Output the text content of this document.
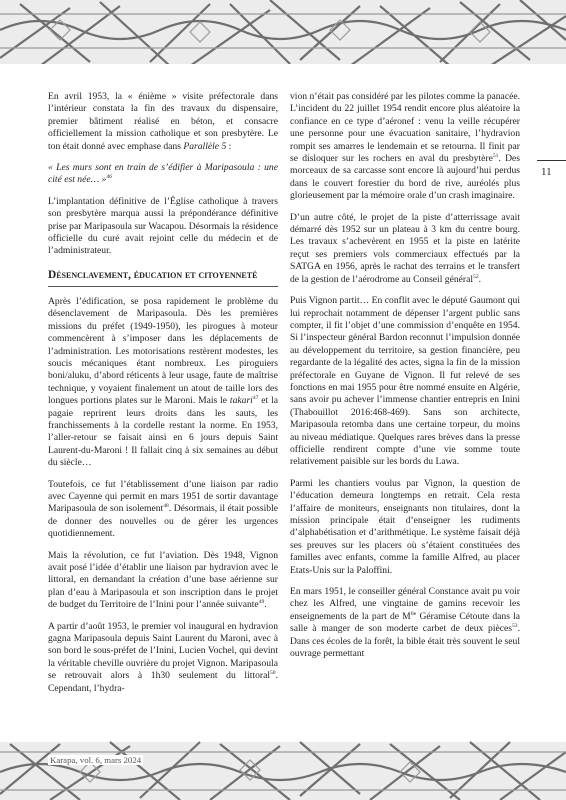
11

En avril 1953, la « énième » visite préfectorale dans l’intérieur constata la fin des travaux du dispensaire, premier bâtiment réalisé en béton, et consacre officiellement la mission catholique et son presbytère. Le ton était donné avec emphase dans Parallèle 5 :

« Les murs sont en train de s’édifier à Maripasoula : une cité est née… »$^{46}$

L’implantation définitive de l’Église catholique à travers son presbytère marqua aussi la prépondérance définitive prise par Maripasoula sur Wacapou. Désormais la résidence officielle du curé avait rejoint celle du médecin et de l’administrateur.

Désenclavement, éducation et citoyenneté

Après l’édification, se posa rapidement le problème du désenclavement de Maripasoula. Dès les premières missions du préfet (1949-1950), les pirogues à moteur commencèrent à s’imposer dans les déplacements de l’administration. Les motorisations restèrent modestes, les soucis mécaniques étant nombreux. Les piroguiers boni/aluku, d’abord réticents à leur usage, faute de maîtrise technique, y voyaient finalement un atout de taille lors des longues portions plates sur le Maroni. Mais le takari$^{47}$ et la pagaie reprirent leurs droits dans les sauts, les franchissements à la cordelle restant la norme. En 1953, l’aller-retour se faisait ainsi en 6 jours depuis Saint Laurent-du-Maroni ! Il fallait cinq à six semaines au début du siècle…

Toutefois, ce fut l’établissement d’une liaison par radio avec Cayenne qui permit en mars 1951 de sortir davantage Maripasoula de son isolement$^{48}$. Désormais, il était possible de donner des nouvelles ou de gérer les urgences quotidiennement.

Mais la révolution, ce fut l’aviation. Dès 1948, Vignon avait posé l’idée d’établir une liaison par hydravion avec le littoral, en demandant la création d’une base aérienne sur plan d’eau à Maripasoula et son inscription dans le projet de budget du Territoire de l’Inini pour l’année suivante$^{49}$.

A partir d’août 1953, le premier vol inaugural en hydravion gagna Maripasoula depuis Saint Laurent du Maroni, avec à son bord le sous-préfet de l’Inini, Lucien Vochel, qui devint la véritable cheville ouvrière du projet Vignon. Maripasoula se retrouvait alors à 1h30 seulement du littoral$^{50}$. Cependant, l’hydra-

vion n’était pas considéré par les pilotes comme la panacée. L’incident du 22 juillet 1954 rendit encore plus aléatoire la confiance en ce type d’aéronef : venu la veille récupérer une personne pour une évacuation sanitaire, l’hydravion rompit ses amarres le lendemain et se retourna. Il finit par se disloquer sur les rochers en aval du presbytère$^{51}$. Des morceaux de sa carcasse sont encore là aujourd’hui perdus dans le couvert forestier du bord de rive, auréolés plus glorieusement par la mémoire orale d’un crash imaginaire.

D’un autre côté, le projet de la piste d’atterrissage avait démarré dès 1952 sur un plateau à 3 km du centre bourg. Les travaux s’achevèrent en 1955 et la piste en latérite reçut ses premiers vols commerciaux effectués par la SATGA en 1956, après le rachat des terrains et le transfert de la gestion de l’aérodrome au Conseil général$^{52}$.

Puis Vignon partit… En conflit avec le député Gaumont qui lui reprochait notamment de dépenser l’argent public sans compter, il fit l’objet d’une commission d’enquête en 1954. Si l’inspecteur général Bardon reconnut l’impulsion donnée au développement du territoire, sa gestion financière, peu regardante de la légalité des actes, signa la fin de la mission préfectorale en Guyane de Vignon. Il fut relevé de ses fonctions en mai 1955 pour être nommé ensuite en Algérie, sans avoir pu achever l’immense chantier entrepris en Inini (Thabouillot 2016:468-469). Sans son architecte, Maripasoula retomba dans une certaine torpeur, du moins au niveau médiatique. Quelques rares brèves dans la presse officielle rendirent compte d’une vie somme toute relativement paisible sur les bords du Lawa.

Parmi les chantiers voulus par Vignon, la question de l’éducation demeura longtemps en retrait. Cela resta l’affaire de moniteurs, enseignants non titulaires, dont la mission principale était d’enseigner les rudiments d’alphabétisation et d’arithmétique. Le système faisait déjà ses preuves sur les placers où s’étaient constituées des familles avec enfants, comme la famille Alfred, au placer Etats-Unis sur la Paloffini.

En mars 1951, le conseiller général Constance avait pu voir chez les Alfred, une vingtaine de gamins recevoir les enseignements de la part de $M^{lle}$ Géramise Cétoute dans la salle à manger de son moderte carbet de deux pièces$^{53}$. Dans ces écoles de la forêt, la bible était très souvent le seul ouvrage permettant

Karapa, vol. 6, mars 2024
